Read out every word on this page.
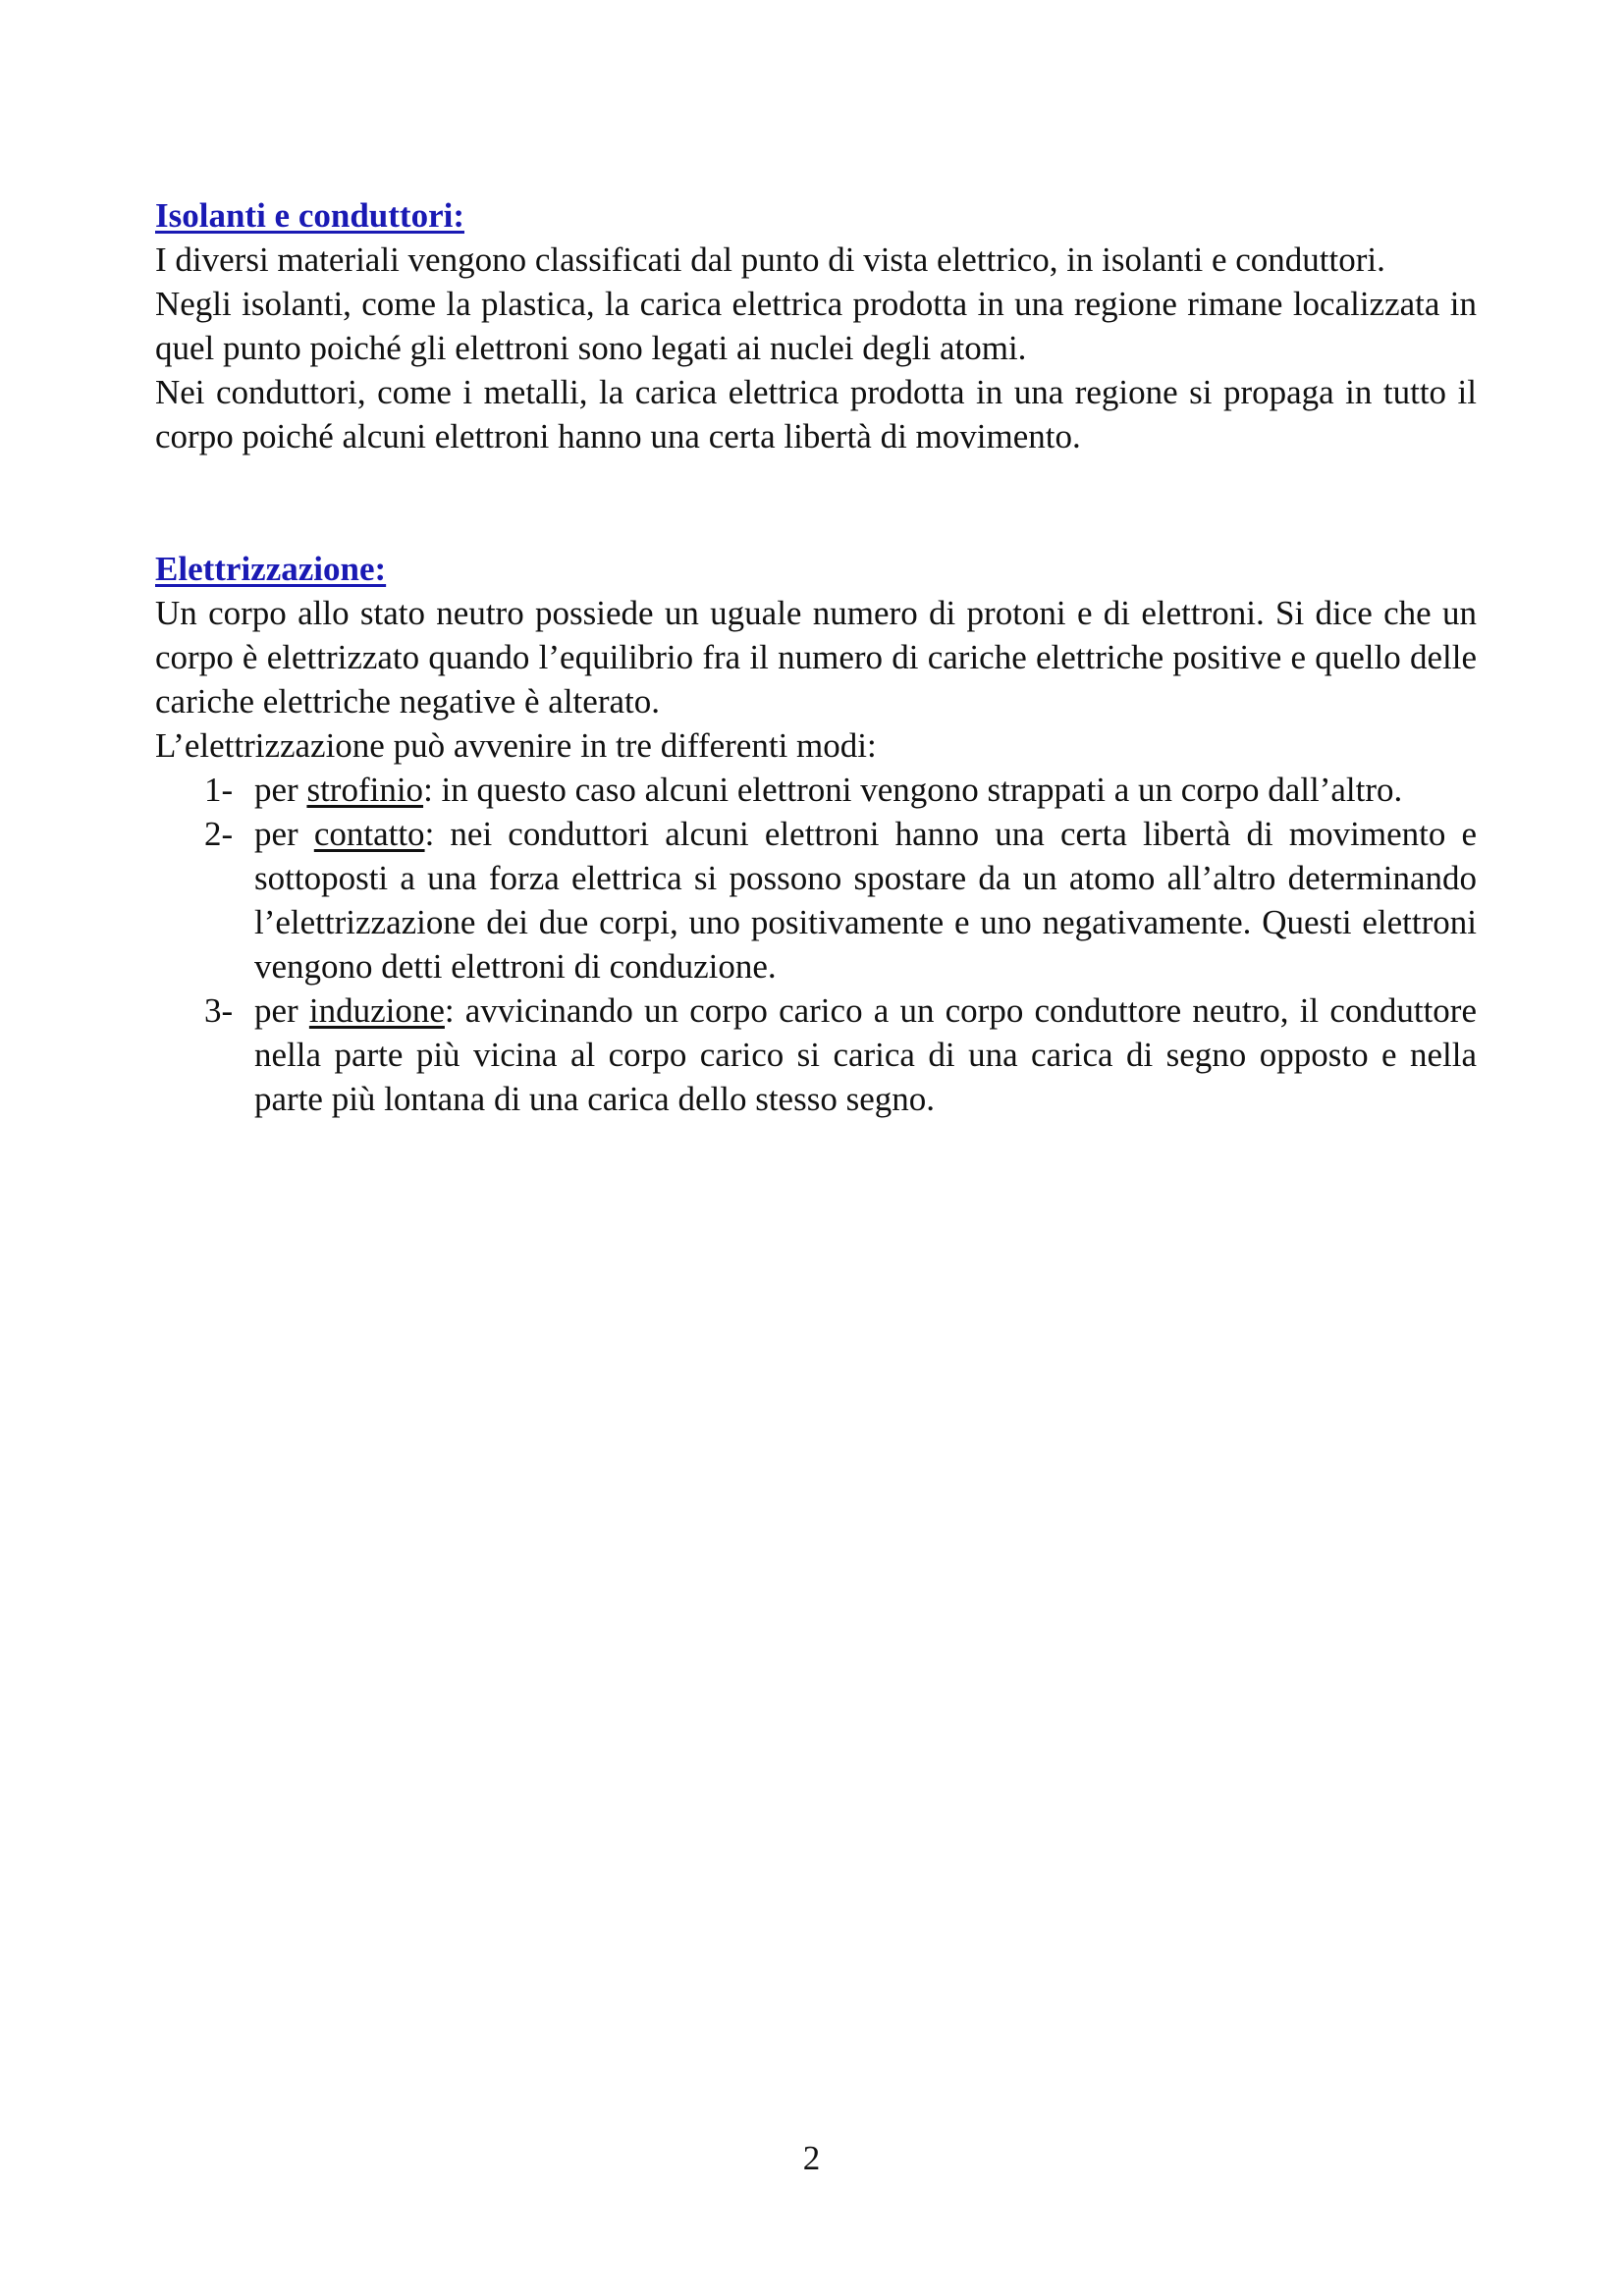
Isolanti e conduttori:

I diversi materiali vengono classificati dal punto di vista elettrico, in isolanti e conduttori.

Negli isolanti, come la plastica, la carica elettrica prodotta in una regione rimane localizzata in quel punto poiché gli elettroni sono legati ai nuclei degli atomi.

Nei conduttori, come i metalli, la carica elettrica prodotta in una regione si propaga in tutto il corpo poiché alcuni elettroni hanno una certa libertà di movimento.

Elettrizzazione:

Un corpo allo stato neutro possiede un uguale numero di protoni e di elettroni. Si dice che un corpo è elettrizzato quando l’equilibrio fra il numero di cariche elettriche positive e quello delle cariche elettriche negative è alterato.

L’elettrizzazione può avvenire in tre differenti modi:

1- per strofinio: in questo caso alcuni elettroni vengono strappati a un corpo dall’altro.
2- per contatto: nei conduttori alcuni elettroni hanno una certa libertà di movimento e sottoposti a una forza elettrica si possono spostare da un atomo all’altro determinando l’elettrizzazione dei due corpi, uno positivamente e uno negativamente. Questi elettroni vengono detti elettroni di conduzione.
3- per induzione: avvicinando un corpo carico a un corpo conduttore neutro, il conduttore nella parte più vicina al corpo carico si carica di una carica di segno opposto e nella parte più lontana di una carica dello stesso segno.
2
